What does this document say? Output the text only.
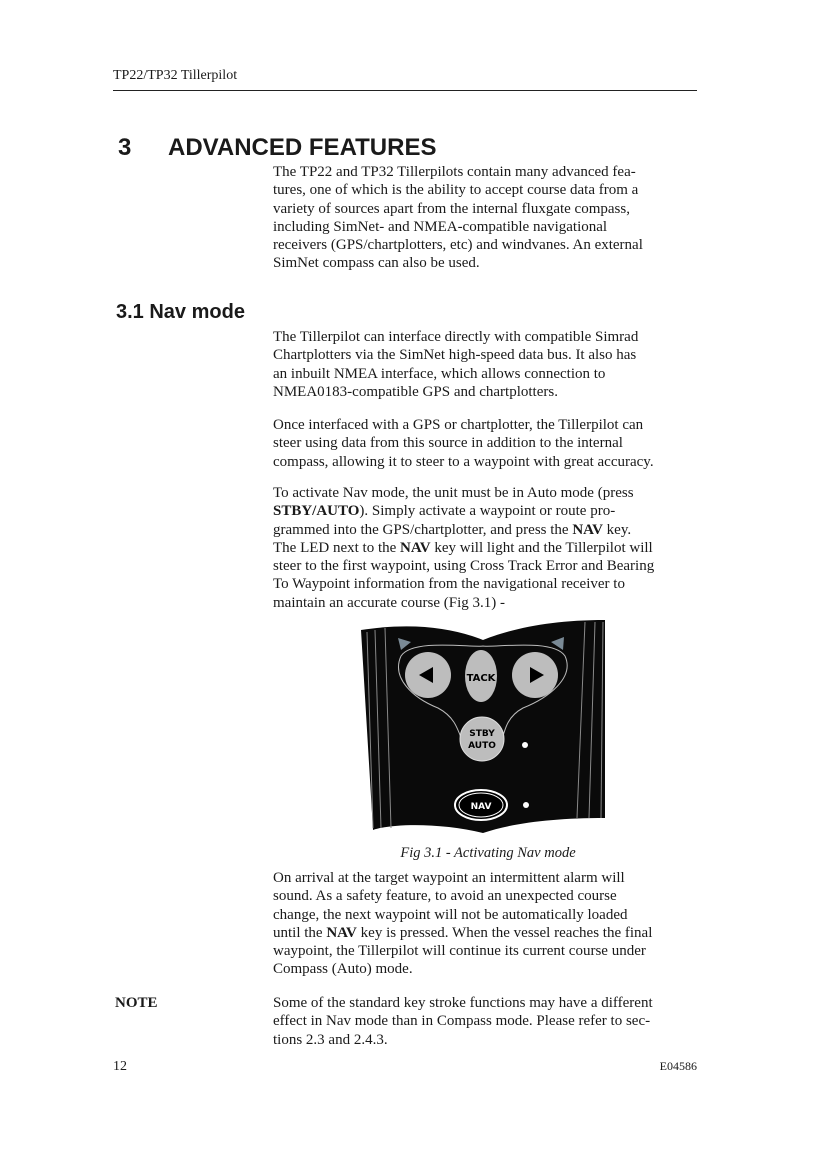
TP22/TP32 Tillerpilot
3 ADVANCED FEATURES
The TP22 and TP32 Tillerpilots contain many advanced fea-
tures, one of which is the ability to accept course data from a
variety of sources apart from the internal fluxgate compass,
including SimNet- and NMEA-compatible navigational
receivers (GPS/chartplotters, etc) and windvanes. An external
SimNet compass can also be used.
3.1 Nav mode
The Tillerpilot can interface directly with compatible Simrad
Chartplotters via the SimNet high-speed data bus. It also has
an inbuilt NMEA interface, which allows connection to
NMEA0183-compatible GPS and chartplotters.
Once interfaced with a GPS or chartplotter, the Tillerpilot can
steer using data from this source in addition to the internal
compass, allowing it to steer to a waypoint with great accuracy.
To activate Nav mode, the unit must be in Auto mode (press
STBY/AUTO). Simply activate a waypoint or route pro-
grammed into the GPS/chartplotter, and press the NAV key.
The LED next to the NAV key will light and the Tillerpilot will
steer to the first waypoint, using Cross Track Error and Bearing
To Waypoint information from the navigational receiver to
maintain an accurate course (Fig 3.1) -
TACK
STBY
AUTO
NAV
Fig 3.1 - Activating Nav mode
On arrival at the target waypoint an intermittent alarm will
sound. As a safety feature, to avoid an unexpected course
change, the next waypoint will not be automatically loaded
until the NAV key is pressed. When the vessel reaches the final
waypoint, the Tillerpilot will continue its current course under
Compass (Auto) mode.
NOTE	Some of the standard key stroke functions may have a different
effect in Nav mode than in Compass mode. Please refer to sec-
tions 2.3 and 2.4.3.
12	E04586
